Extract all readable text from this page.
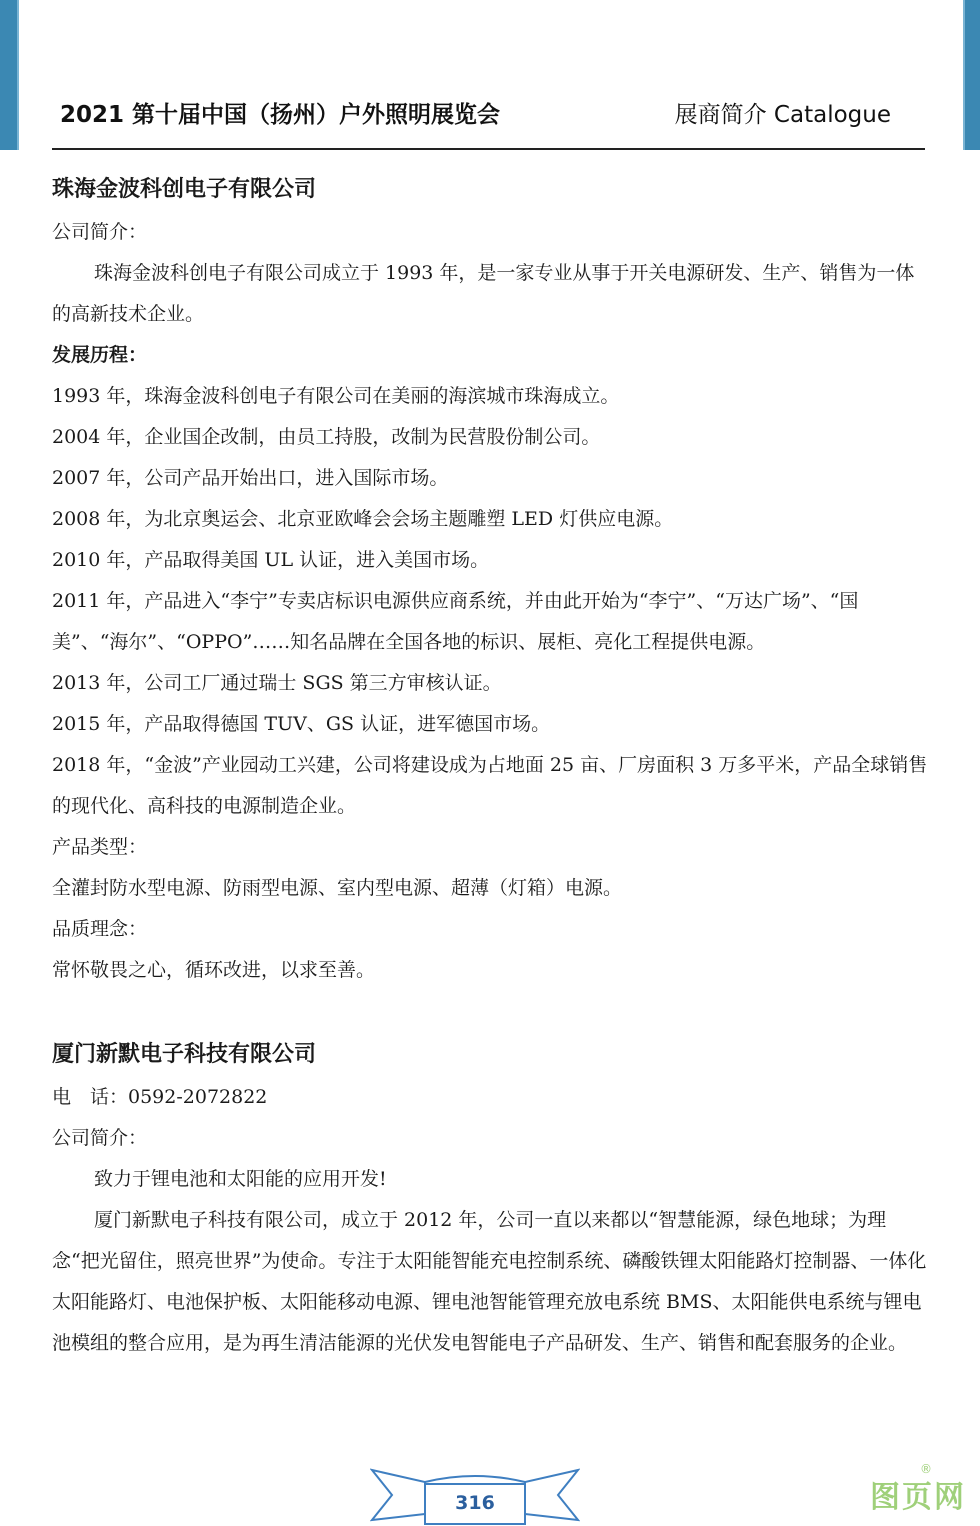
2021 第十届中国（扬州）户外照明展览会	展商简介 Catalogue
珠海金波科创电子有限公司

公司简介：

珠海金波科创电子有限公司成立于 1993 年，是一家专业从事于开关电源研发、生产、销售为一体的高新技术企业。

发展历程：

1993 年，珠海金波科创电子有限公司在美丽的海滨城市珠海成立。

2004 年，企业国企改制，由员工持股，改制为民营股份制公司。

2007 年，公司产品开始出口，进入国际市场。

2008 年，为北京奥运会、北京亚欧峰会会场主题雕塑 LED 灯供应电源。

2010 年，产品取得美国 UL 认证，进入美国市场。

2011 年，产品进入“李宁”专卖店标识电源供应商系统，并由此开始为“李宁”、“万达广场”、“国美”、“海尔”、“OPPO”……知名品牌在全国各地的标识、展柜、亮化工程提供电源。

2013 年，公司工厂通过瑞士 SGS 第三方审核认证。

2015 年，产品取得德国 TUV、GS 认证，进军德国市场。

2018 年，“金波”产业园动工兴建，公司将建设成为占地面 25 亩、厂房面积 3 万多平米，产品全球销售的现代化、高科技的电源制造企业。

产品类型：

全灌封防水型电源、防雨型电源、室内型电源、超薄（灯箱）电源。

品质理念：

常怀敬畏之心，循环改进，以求至善。

厦门新默电子科技有限公司

电　话：0592-2072822

公司简介：

致力于锂电池和太阳能的应用开发!

厦门新默电子科技有限公司，成立于 2012 年，公司一直以来都以“智慧能源，绿色地球；为理念“把光留住，照亮世界”为使命。专注于太阳能智能充电控制系统、磷酸铁锂太阳能路灯控制器、一体化太阳能路灯、电池保护板、太阳能移动电源、锂电池智能管理充放电系统 BMS、太阳能供电系统与锂电池模组的整合应用，是为再生清洁能源的光伏发电智能电子产品研发、生产、销售和配套服务的企业。

316	图页网
®
